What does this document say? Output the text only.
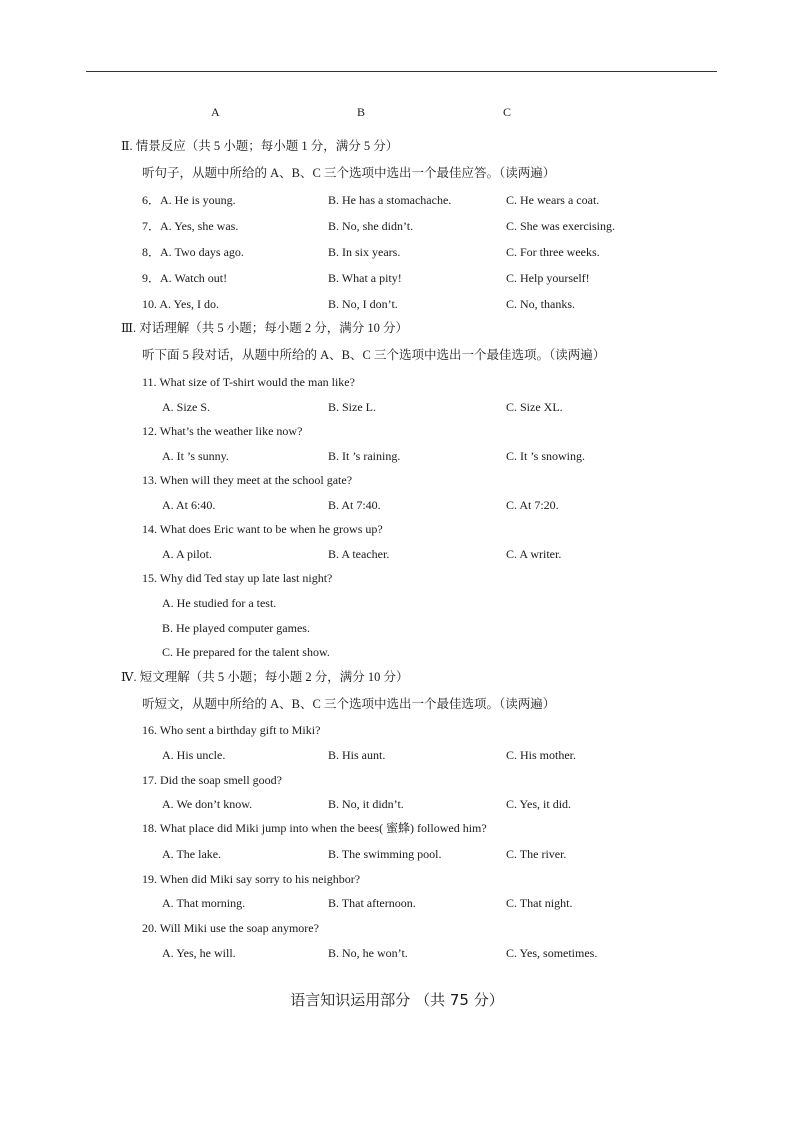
A	B	C
Ⅱ. 情景反应（共 5 小题；每小题 1 分，满分 5 分）
听句子，从题中所给的 A、B、C 三个选项中选出一个最佳应答。（读两遍）
6．A. He is young.	B. He has a stomachache.	C. He wears a coat.
7．A. Yes, she was.	B. No, she didn’t.	C. She was exercising.
8．A. Two days ago.	B. In six years.	C. For three weeks.
9．A. Watch out!	B. What a pity!	C. Help yourself!
10. A. Yes, I do.	B. No, I don’t.	C. No, thanks.
Ⅲ. 对话理解（共 5 小题；每小题 2 分，满分 10 分）
听下面 5 段对话，从题中所给的 A、B、C 三个选项中选出一个最佳选项。（读两遍）
11. What size of T-shirt would the man like?
A. Size S.	B. Size L.	C. Size XL.
12. What’s the weather like now?
A. It ’s sunny.	B. It ’s raining.	C. It ’s snowing.
13. When will they meet at the school gate?
A. At 6:40.	B. At 7:40.	C. At 7:20.
14. What does Eric want to be when he grows up?
A. A pilot.	B. A teacher.	C. A writer.
15. Why did Ted stay up late last night?
A. He studied for a test.
B. He played computer games.
C. He prepared for the talent show.
Ⅳ. 短文理解（共 5 小题；每小题 2 分，满分 10 分）
听短文，从题中所给的 A、B、C 三个选项中选出一个最佳选项。（读两遍）
16. Who sent a birthday gift to Miki?
A. His uncle.	B. His aunt.	C. His mother.
17. Did the soap smell good?
A. We don’t know.	B. No, it didn’t.	C. Yes, it did.
18. What place did Miki jump into when the bees( 蜜蜂) followed him?
A. The lake.	B. The swimming pool.	C. The river.
19. When did Miki say sorry to his neighbor?
A. That morning.	B. That afternoon.	C. That night.
20. Will Miki use the soap anymore?
A. Yes, he will.	B. No, he won’t.	C. Yes, sometimes.
语言知识运用部分 （共 75 分）
